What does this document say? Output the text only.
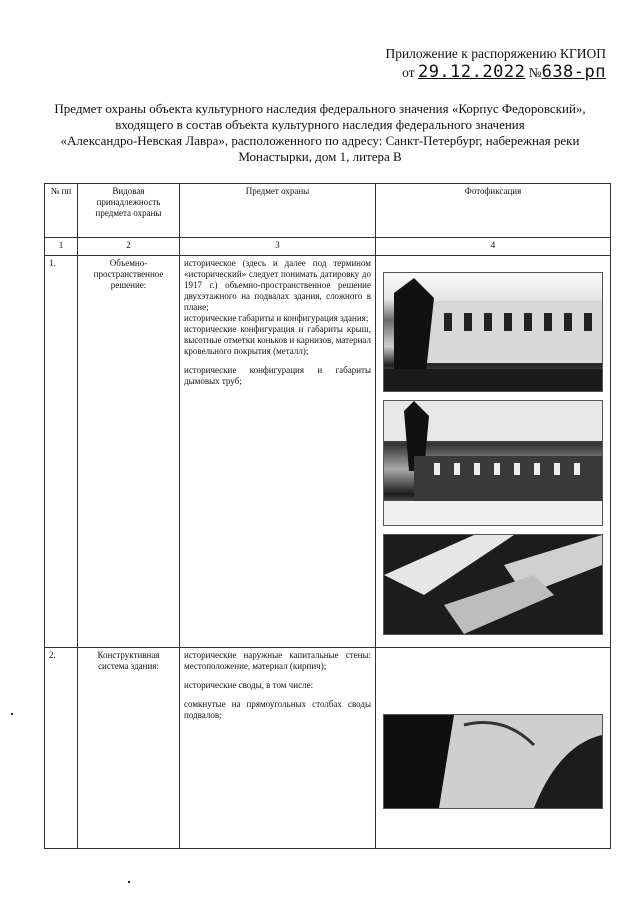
Приложение к распоряжению КГИОП
от 29.12.2022 №638-рп
Предмет охраны объекта культурного наследия федерального значения «Корпус Федоровский»,
входящего в состав объекта культурного наследия федерального значения
«Александро-Невская Лавра», расположенного по адресу: Санкт-Петербург, набережная реки
Монастырки, дом 1, литера В
№ пп	Видовая принадлежность предмета охраны	Предмет охраны	Фотофиксация
1	2	3	4
1.	Объемно-пространственное решение:	историческое (здесь и далее под термином «исторический» следует понимать датировку до 1917 г.) объемно-пространственное решение двухэтажного на подвалах здания, сложного в плане;
исторические габариты и конфигурация здания;
исторические конфигурация и габариты крыш, высотные отметки коньков и карнизов, материал кровельного покрытия (металл);
исторические конфигурация и габариты дымовых труб;

2.	Конструктивная система здания:	исторические наружные капитальные стены: местоположение, материал (кирпич);
исторические своды, в том числе:
сомкнутые на прямоугольных столбах своды подвалов;
